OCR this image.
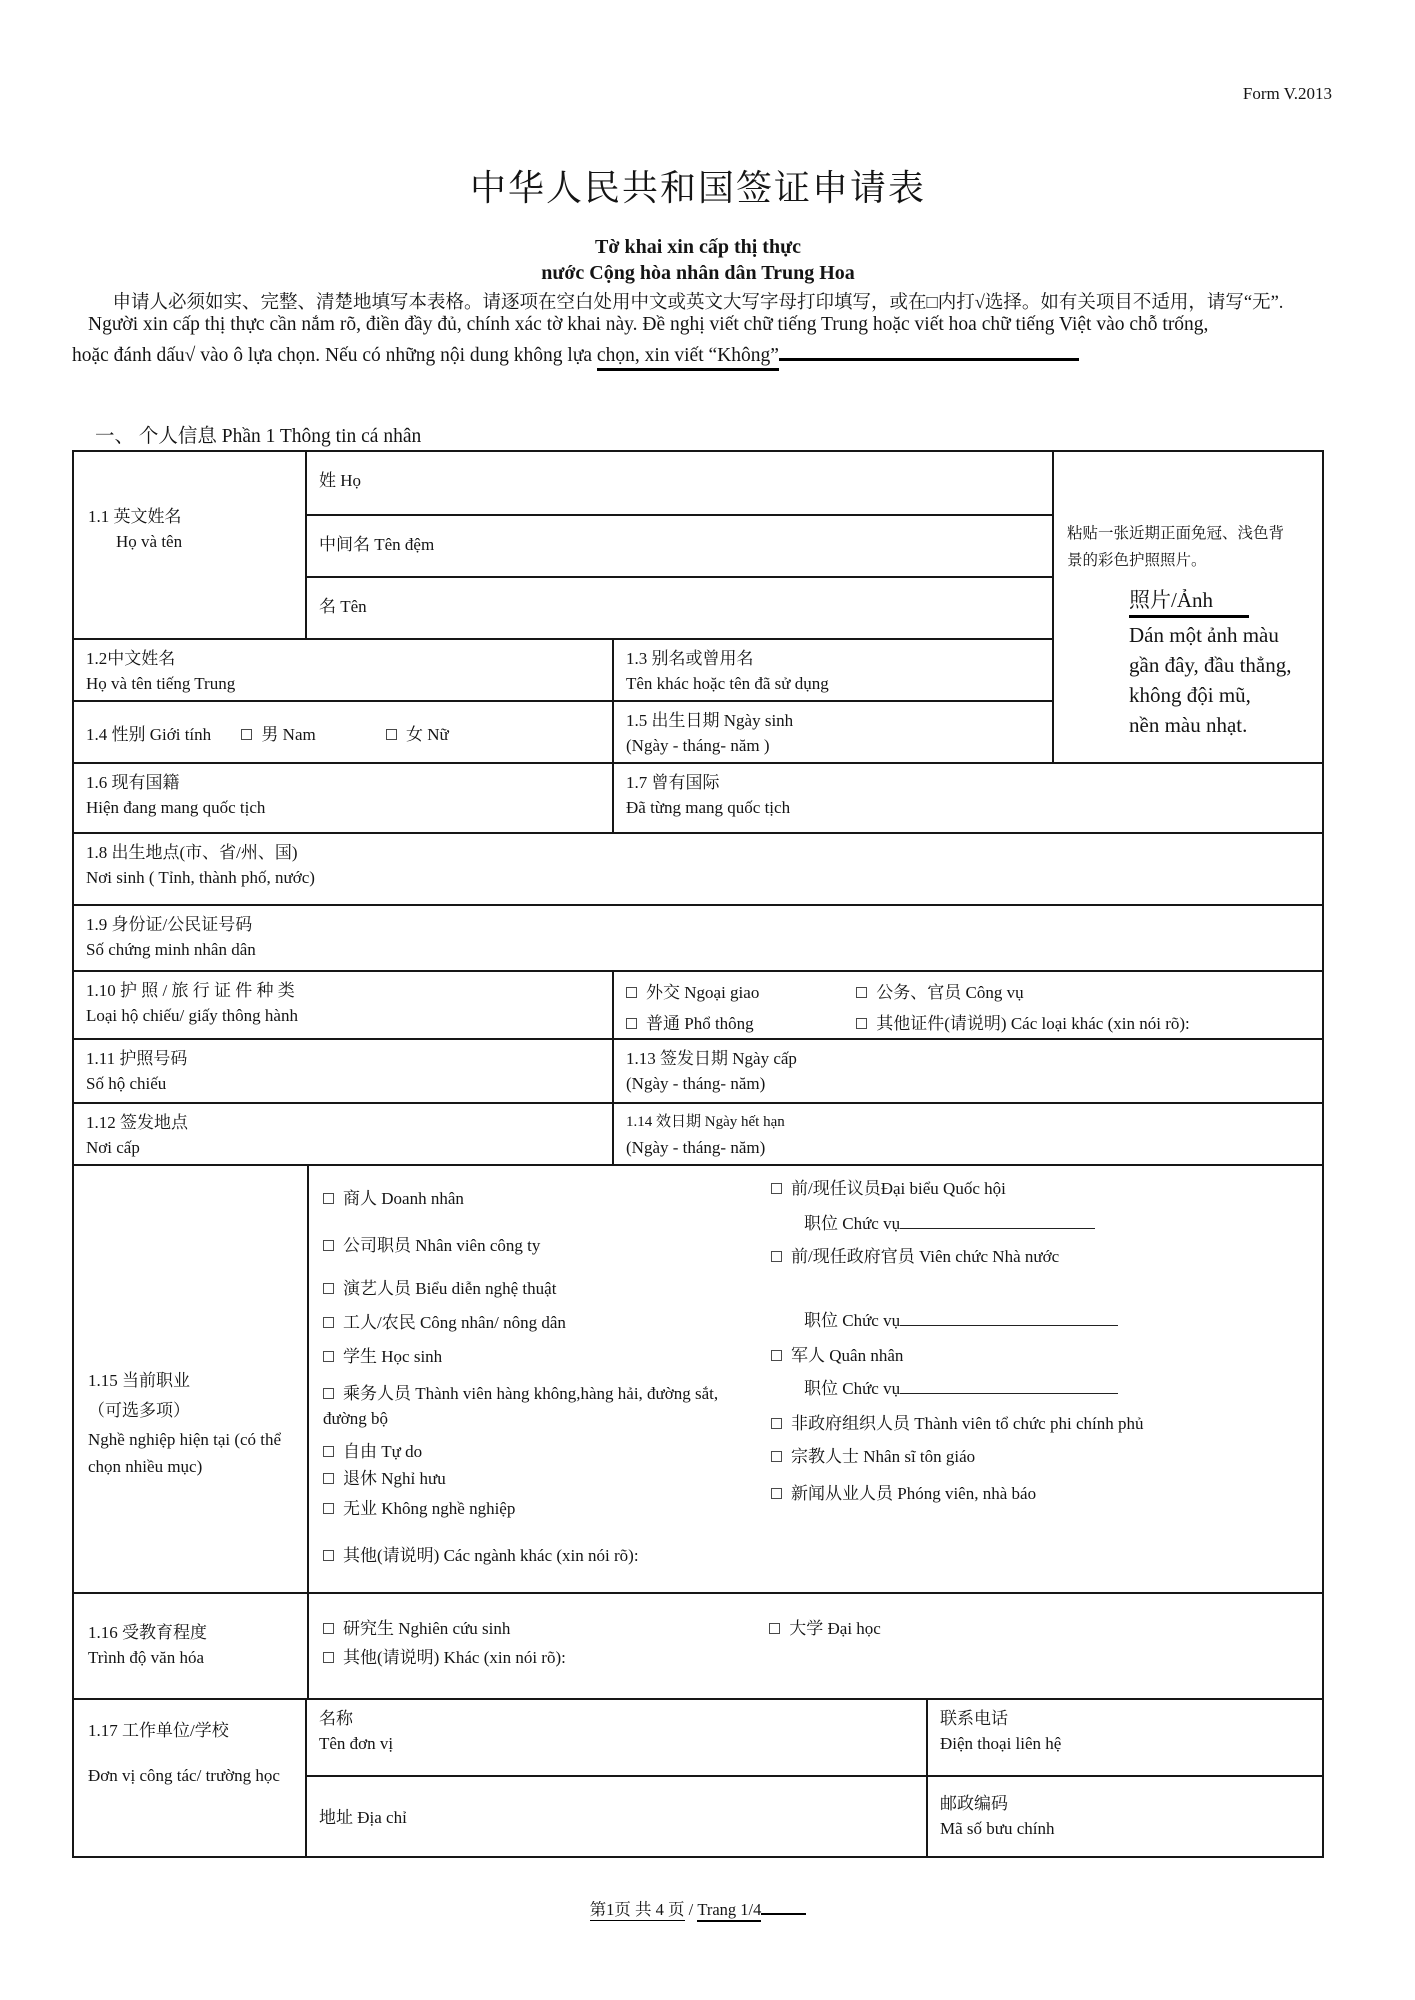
Form V.2013
中华人民共和国签证申请表
Tờ khai xin cấp thị thực
nước Cộng hòa nhân dân Trung Hoa
申请人必须如实、完整、清楚地填写本表格。请逐项在空白处用中文或英文大写字母打印填写，或在□内打√选择。如有关项目不适用，请写“无”.
Người xin cấp thị thực cần nắm rõ, điền đầy đủ, chính xác tờ khai này. Đề nghị viết chữ tiếng Trung hoặc viết hoa chữ tiếng Việt vào chỗ trống,
hoặc đánh dấu√ vào ô lựa chọn. Nếu có những nội dung không lựa chọn, xin viết “Không”
一、 个人信息 Phần 1 Thông tin cá nhân
1.1 英文姓名
Họ và tên
姓 Họ
中间名 Tên đệm
名 Tên
1.2中文姓名
Họ và tên tiếng Trung
1.3 别名或曾用名
Tên khác hoặc tên đã sử dụng
1.4 性别 Giới tính	男 Nam	女 Nữ
1.5 出生日期 Ngày sinh
(Ngày - tháng- năm )
粘贴一张近期正面免冠、浅色背
景的彩色护照照片。
照片/Ảnh
Dán một ảnh màu
gần đây, đầu thẳng,
không đội mũ,
nền màu nhạt.
1.6 现有国籍
Hiện đang mang quốc tịch
1.7 曾有国际
Đã từng mang quốc tịch
1.8 出生地点(市、省/州、国)
Nơi sinh ( Tỉnh, thành phố, nước)
1.9 身份证/公民证号码
Số chứng minh nhân dân
1.10 护 照 / 旅 行 证 件 种 类
Loại hộ chiếu/ giấy thông hành
外交 Ngoại giao	公务、官员 Công vụ
普通 Phổ thông	其他证件(请说明) Các loại khác (xin nói rõ):
1.11 护照号码
Số hộ chiếu
1.13 签发日期 Ngày cấp
(Ngày - tháng- năm)
1.12 签发地点
Nơi cấp
1.14 效日期 Ngày hết hạn
(Ngày - tháng- năm)
1.15 当前职业
（可选多项）
Nghề nghiệp hiện tại (có thể chọn nhiều mục)
商人 Doanh nhân
公司职员 Nhân viên công ty
演艺人员 Biểu diễn nghệ thuật
工人/农民 Công nhân/ nông dân
学生 Học sinh
乘务人员 Thành viên hàng không,hàng hải, đường sắt, đường bộ
自由 Tự do
退休 Nghỉ hưu
无业 Không nghề nghiệp
其他(请说明) Các ngành khác (xin nói rõ):
前/现任议员Đại biểu Quốc hội
职位 Chức vụ
前/现任政府官员 Viên chức Nhà nước
职位 Chức vụ
军人 Quân nhân
职位 Chức vụ
非政府组织人员 Thành viên tổ chức phi chính phủ
宗教人士 Nhân sĩ tôn giáo
新闻从业人员 Phóng viên, nhà báo
1.16 受教育程度
Trình độ văn hóa
研究生 Nghiên cứu sinh	大学 Đại học
其他(请说明) Khác (xin nói rõ):
1.17 工作单位/学校
Đơn vị công tác/ trường học
名称
Tên đơn vị
联系电话
Điện thoại liên hệ
地址 Địa chỉ
邮政编码
Mã số bưu chính
第1页 共 4 页 / Trang 1/4
